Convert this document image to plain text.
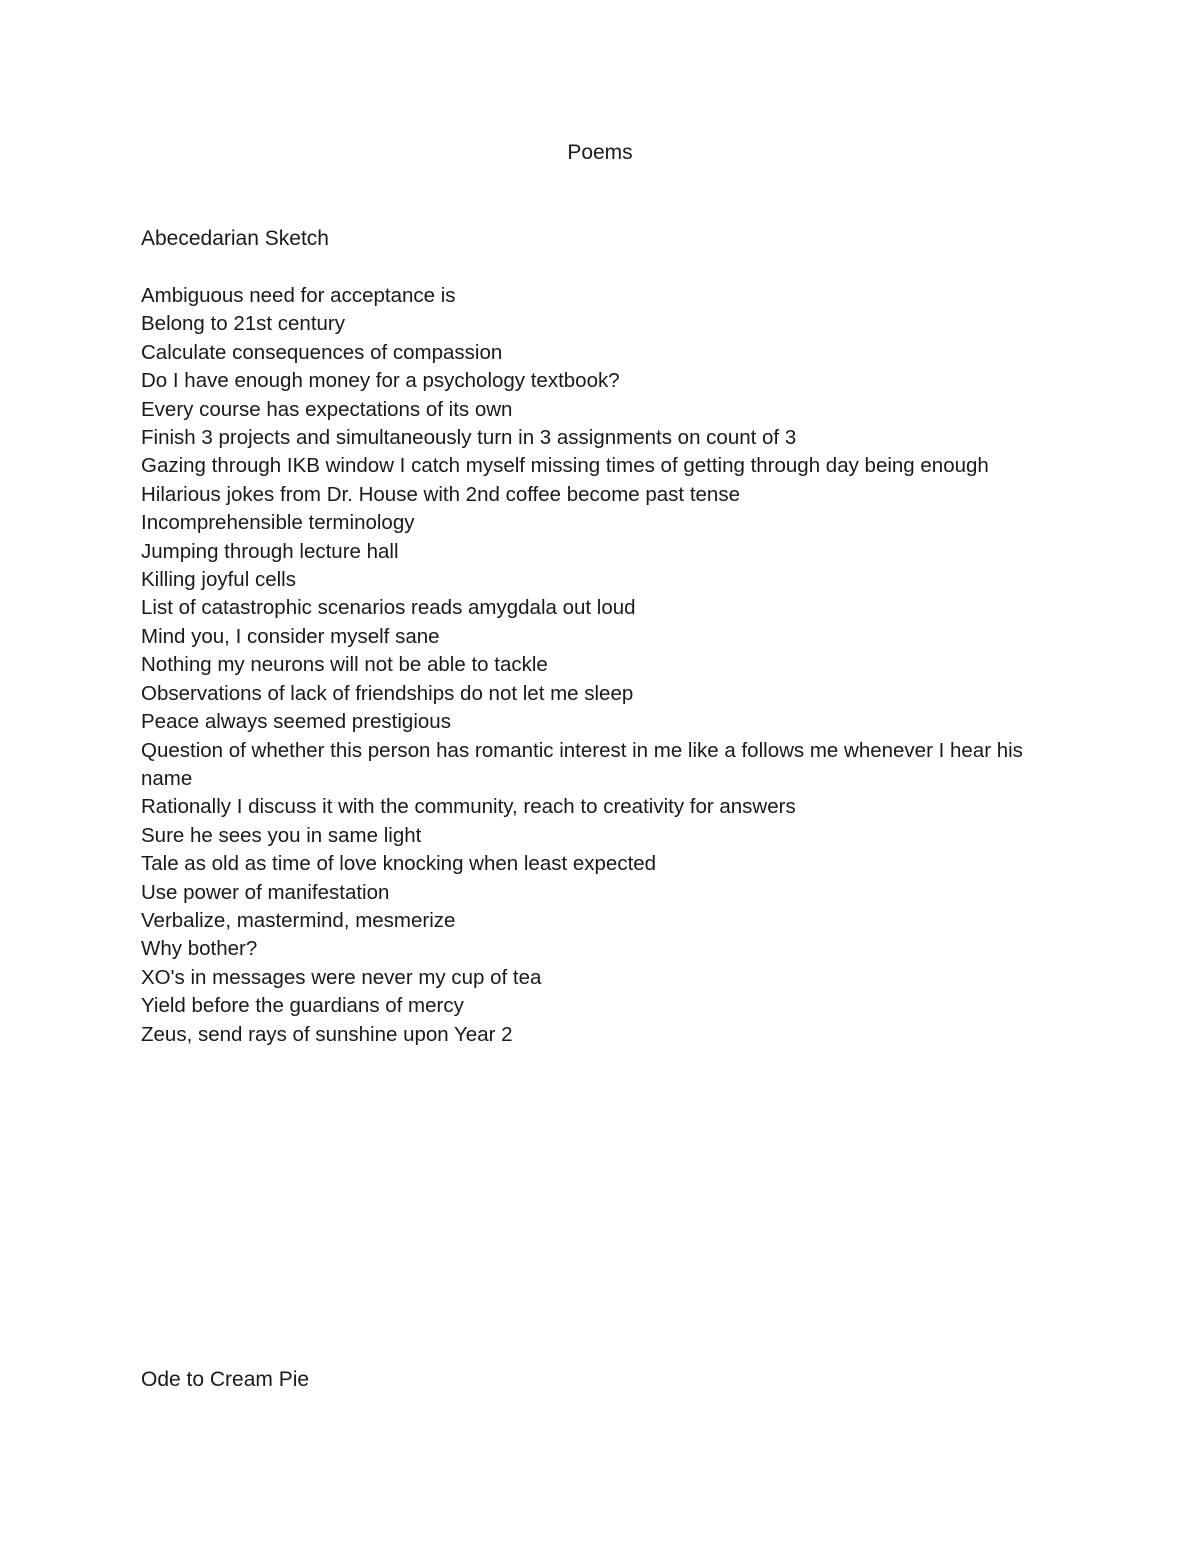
Poems
Abecedarian Sketch
Ambiguous need for acceptance is
Belong to 21st century
Calculate consequences of compassion
Do I have enough money for a psychology textbook?
Every course has expectations of its own
Finish 3 projects and simultaneously turn in 3 assignments on count of 3
Gazing through IKB window I catch myself missing times of getting through day being enough
Hilarious jokes from Dr. House with 2nd coffee become past tense
Incomprehensible terminology
Jumping through lecture hall
Killing joyful cells
List of catastrophic scenarios reads amygdala out loud
Mind you, I consider myself sane
Nothing my neurons will not be able to tackle
Observations of lack of friendships do not let me sleep
Peace always seemed prestigious
Question of whether this person has romantic interest in me like a follows me whenever I hear his name
Rationally I discuss it with the community, reach to creativity for answers
Sure he sees you in same light
Tale as old as time of love knocking when least expected
Use power of manifestation
Verbalize, mastermind, mesmerize
Why bother?
XO's in messages were never my cup of tea
Yield before the guardians of mercy
Zeus, send rays of sunshine upon Year 2
Ode to Cream Pie
